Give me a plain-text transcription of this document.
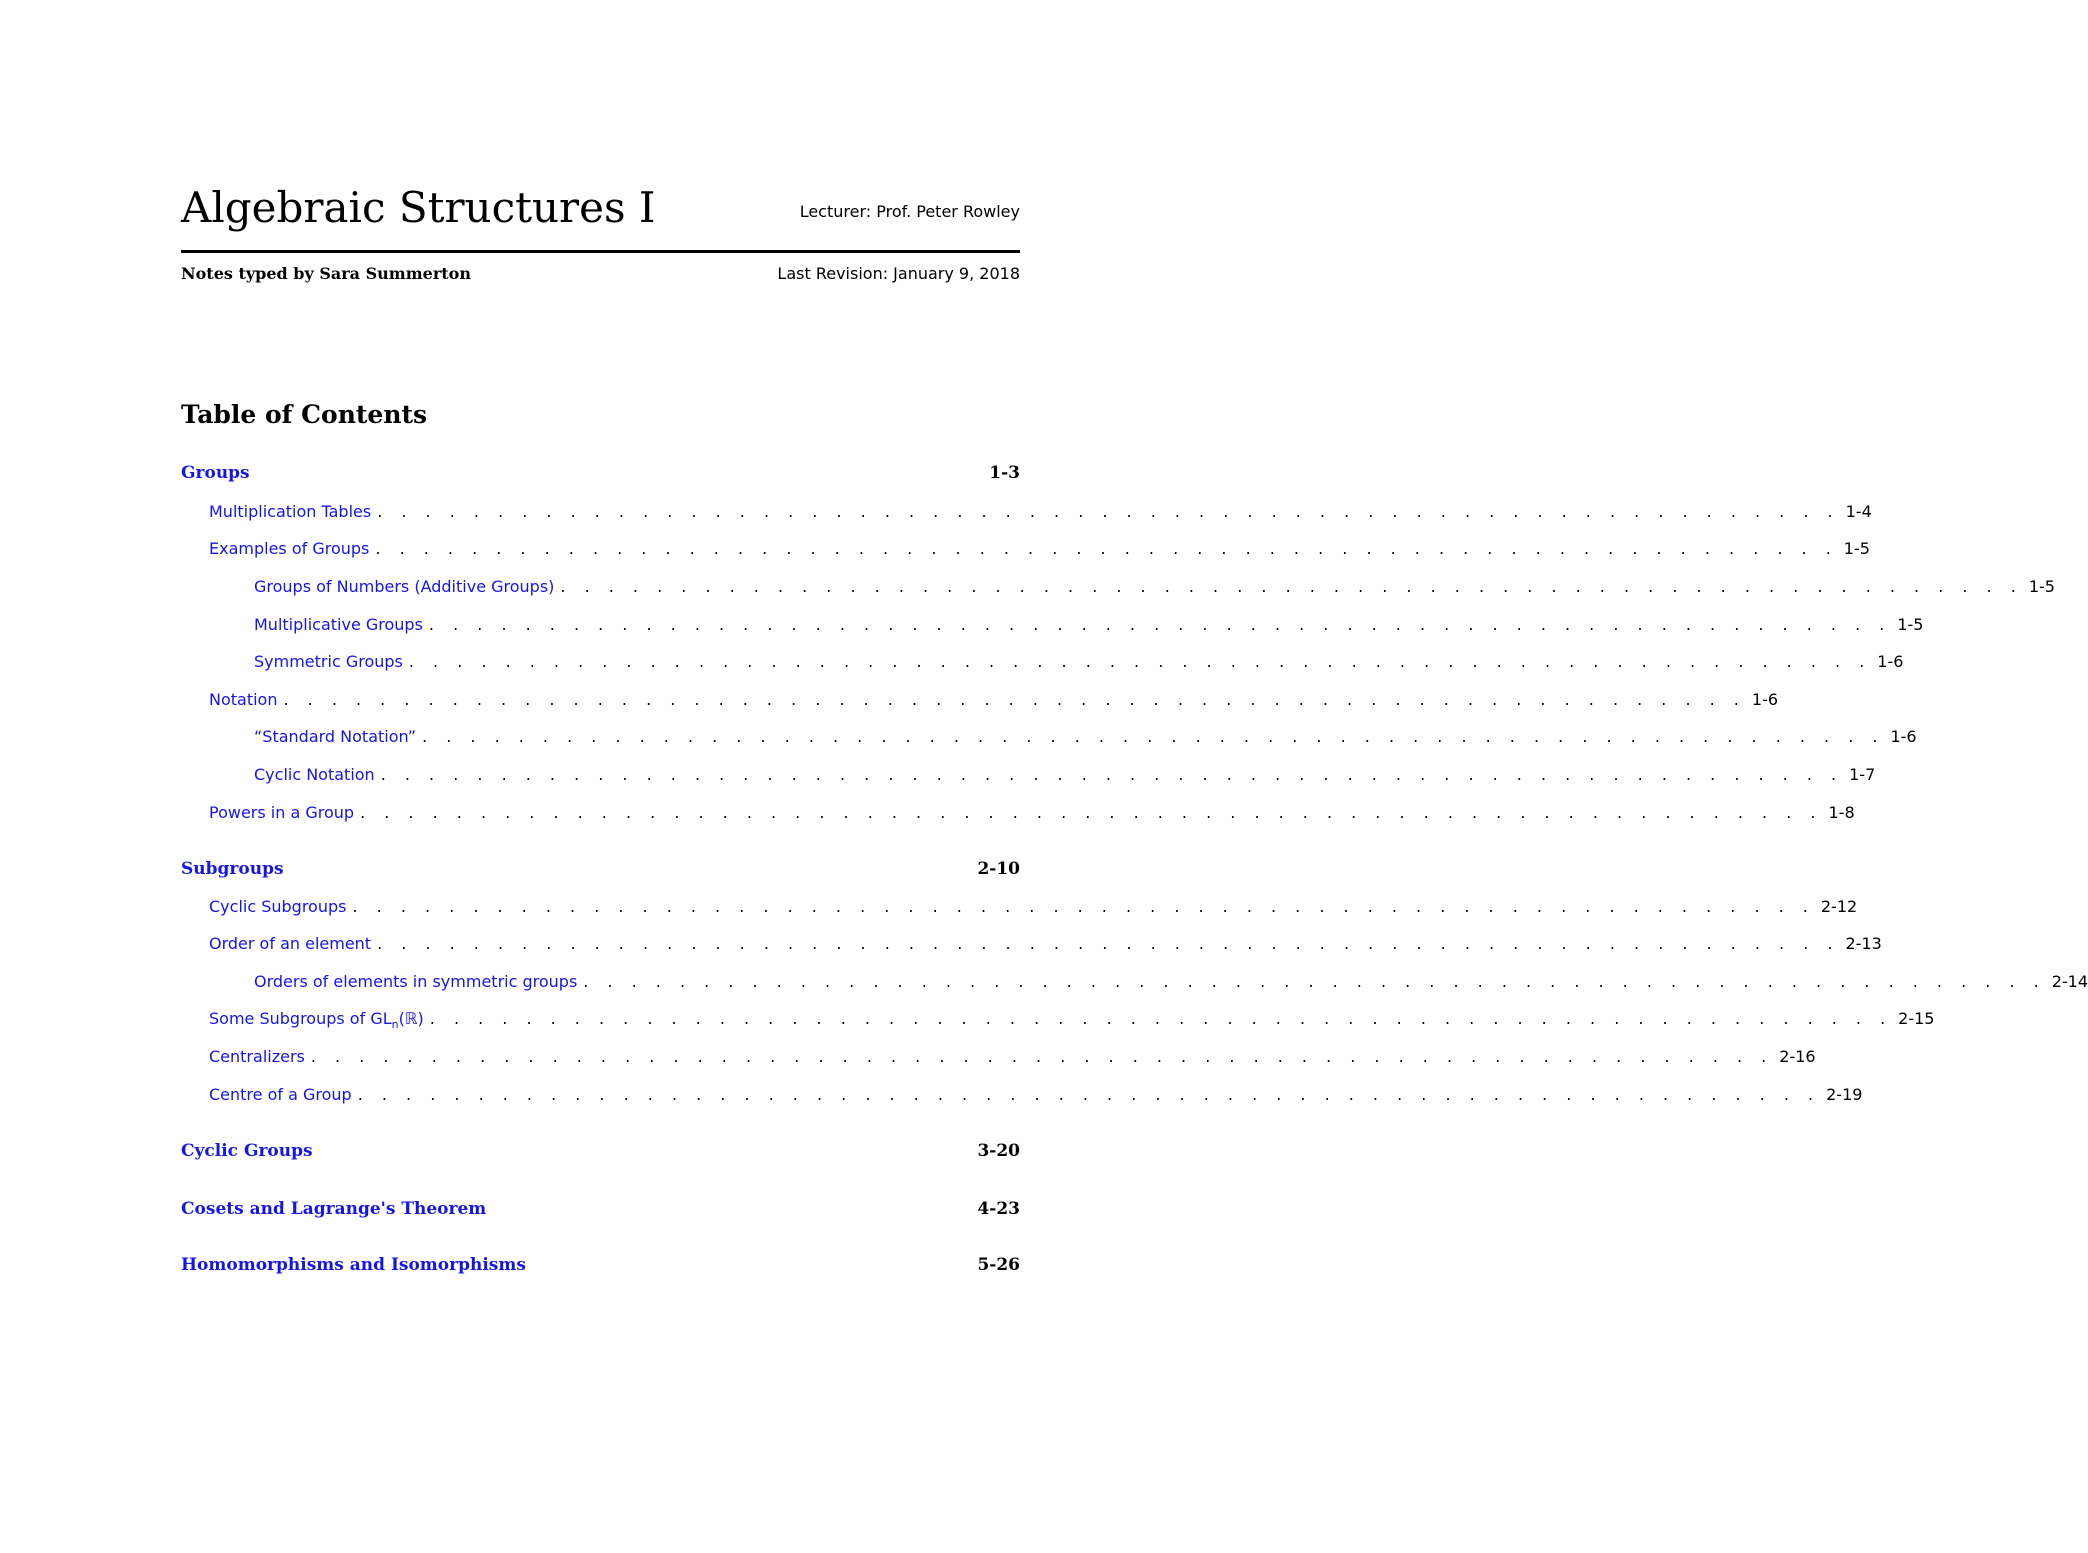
Algebraic Structures I	Lecturer: Prof. Peter Rowley
Notes typed by Sara Summerton	Last Revision: January 9, 2018
Table of Contents
Groups	1-3
Multiplication Tables . . . . . . . . . . . . . . . . . . . . . . . . . . . . . . . . . . . . . . . . . . . . . . . . . . . . . . . . . . . . . 1-4
Examples of Groups . . . . . . . . . . . . . . . . . . . . . . . . . . . . . . . . . . . . . . . . . . . . . . . . . . . . . . . . . . . . . 1-5
Groups of Numbers (Additive Groups) . . . . . . . . . . . . . . . . . . . . . . . . . . . . . . . . . . . . . . . . . . . . . . . . . . . . . . . . . . . . . 1-5
Multiplicative Groups . . . . . . . . . . . . . . . . . . . . . . . . . . . . . . . . . . . . . . . . . . . . . . . . . . . . . . . . . . . . . 1-5
Symmetric Groups . . . . . . . . . . . . . . . . . . . . . . . . . . . . . . . . . . . . . . . . . . . . . . . . . . . . . . . . . . . . . 1-6
Notation . . . . . . . . . . . . . . . . . . . . . . . . . . . . . . . . . . . . . . . . . . . . . . . . . . . . . . . . . . . . . 1-6
“Standard Notation” . . . . . . . . . . . . . . . . . . . . . . . . . . . . . . . . . . . . . . . . . . . . . . . . . . . . . . . . . . . . . 1-6
Cyclic Notation . . . . . . . . . . . . . . . . . . . . . . . . . . . . . . . . . . . . . . . . . . . . . . . . . . . . . . . . . . . . . 1-7
Powers in a Group . . . . . . . . . . . . . . . . . . . . . . . . . . . . . . . . . . . . . . . . . . . . . . . . . . . . . . . . . . . . . 1-8
Subgroups	2-10
Cyclic Subgroups . . . . . . . . . . . . . . . . . . . . . . . . . . . . . . . . . . . . . . . . . . . . . . . . . . . . . . . . . . . . . 2-12
Order of an element . . . . . . . . . . . . . . . . . . . . . . . . . . . . . . . . . . . . . . . . . . . . . . . . . . . . . . . . . . . . . 2-13
Orders of elements in symmetric groups . . . . . . . . . . . . . . . . . . . . . . . . . . . . . . . . . . . . . . . . . . . . . . . . . . . . . . . . . . . . . 2-14
Some Subgroups of $GL_n(ℝ)$ . . . . . . . . . . . . . . . . . . . . . . . . . . . . . . . . . . . . . . . . . . . . . . . . . . . . . . . . . . . . . 2-15
Centralizers . . . . . . . . . . . . . . . . . . . . . . . . . . . . . . . . . . . . . . . . . . . . . . . . . . . . . . . . . . . . . 2-16
Centre of a Group . . . . . . . . . . . . . . . . . . . . . . . . . . . . . . . . . . . . . . . . . . . . . . . . . . . . . . . . . . . . . 2-19
Cyclic Groups	3-20
Cosets and Lagrange's Theorem	4-23
Homomorphisms and Isomorphisms	5-26
